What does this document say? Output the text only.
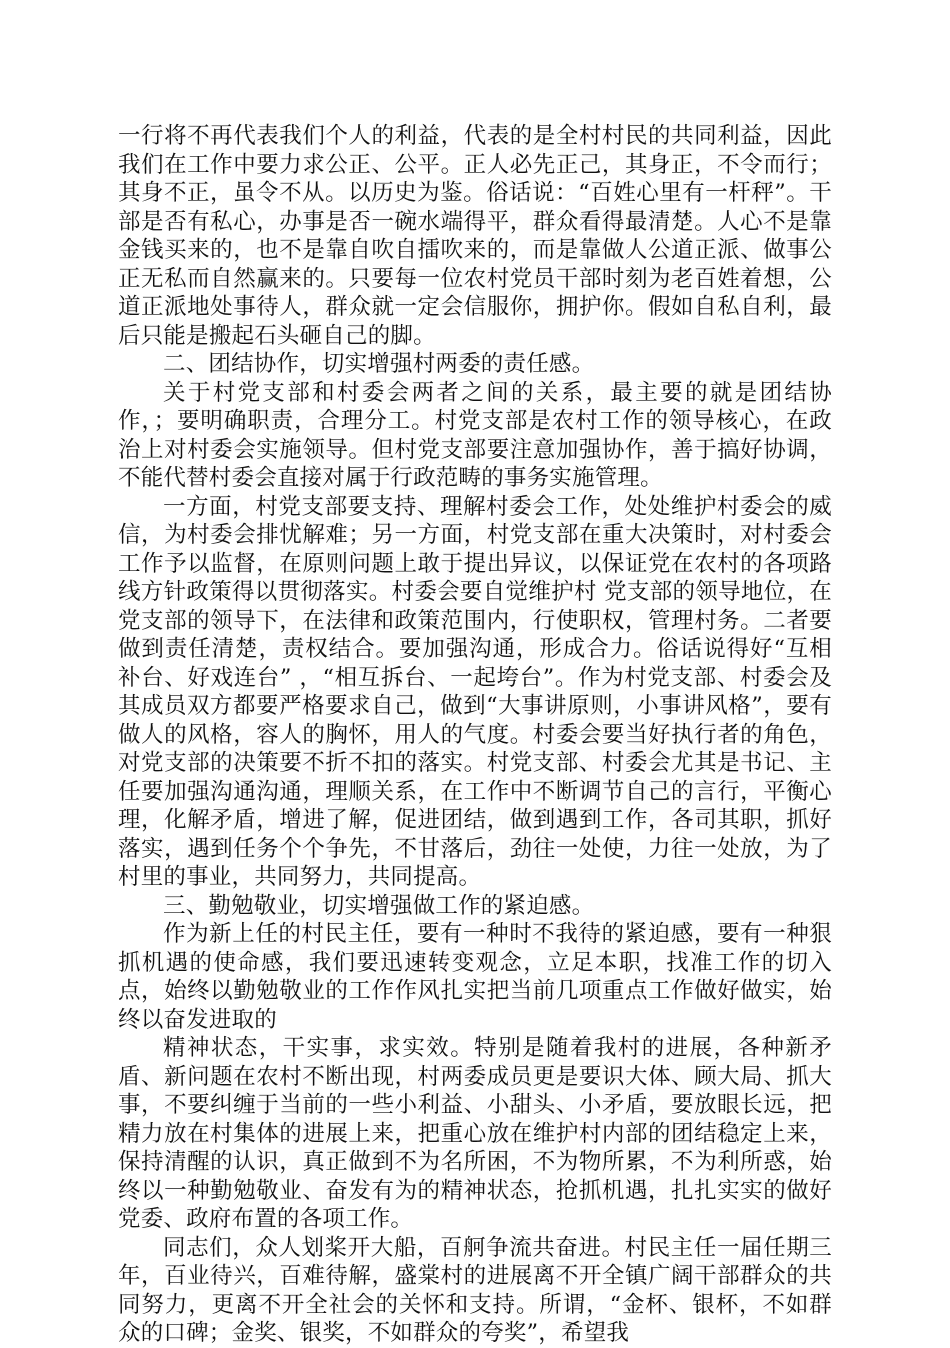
一行将不再代表我们个人的利益，代表的是全村村民的共同利益，因此我们在工作中要力求公正、公平。正人必先正己，其身正，不令而行；其身不正，虽令不从。以历史为鉴。俗话说：“百姓心里有一杆秤”。干部是否有私心，办事是否一碗水端得平，群众看得最清楚。人心不是靠金钱买来的，也不是靠自吹自擂吹来的，而是靠做人公道正派、做事公正无私而自然赢来的。只要每一位农村党员干部时刻为老百姓着想，公道正派地处事待人，群众就一定会信服你，拥护你。假如自私自利，最后只能是搬起石头砸自己的脚。

二、团结协作，切实增强村两委的责任感。

关于村党支部和村委会两者之间的关系，最主要的就是团结协作，；要明确职责，合理分工。村党支部是农村工作的领导核心，在政治上对村委会实施领导。但村党支部要注意加强协作，善于搞好协调， 不能代替村委会直接对属于行政范畴的事务实施管理。

一方面，村党支部要支持、理解村委会工作，处处维护村委会的威信，为村委会排忧解难；另一方面，村党支部在重大决策时，对村委会工作予以监督，在原则问题上敢于提出异议，以保证党在农村的各项路线方针政策得以贯彻落实。村委会要自觉维护村 党支部的领导地位，在党支部的领导下，在法律和政策范围内，行使职权，管理村务。二者要做到责任清楚，责权结合。要加强沟通，形成合力。俗话说得好“互相补台、好戏连台” ，“相互拆台、一起垮台”。作为村党支部、村委会及其成员双方都要严格要求自己，做到“大事讲原则，小事讲风格”，要有做人的风格，容人的胸怀，用人的气度。村委会要当好执行者的角色，对党支部的决策要不折不扣的落实。村党支部、村委会尤其是书记、主任要加强沟通沟通，理顺关系，在工作中不断调节自己的言行，平衡心理，化解矛盾，增进了解，促进团结，做到遇到工作，各司其职，抓好落实，遇到任务个个争先，不甘落后，劲往一处使，力往一处放，为了村里的事业，共同努力，共同提高。

三、勤勉敬业，切实增强做工作的紧迫感。

作为新上任的村民主任，要有一种时不我待的紧迫感，要有一种狠抓机遇的使命感，我们要迅速转变观念，立足本职，找准工作的切入点，始终以勤勉敬业的工作作风扎实把当前几项重点工作做好做实，始终以奋发进取的

精神状态，干实事，求实效。特别是随着我村的进展，各种新矛盾、新问题在农村不断出现，村两委成员更是要识大体、顾大局、抓大事，不要纠缠于当前的一些小利益、小甜头、小矛盾，要放眼长远，把精力放在村集体的进展上来，把重心放在维护村内部的团结稳定上来，保持清醒的认识，真正做到不为名所困，不为物所累，不为利所惑，始终以一种勤勉敬业、奋发有为的精神状态，抢抓机遇，扎扎实实的做好党委、政府布置的各项工作。

同志们，众人划桨开大船，百舸争流共奋进。村民主任一届任期三年，百业待兴，百难待解，盛棠村的进展离不开全镇广阔干部群众的共同努力，更离不开全社会的关怀和支持。所谓，“金杯、银杯，不如群众的口碑；金奖、银奖，不如群众的夸奖”，希望我
